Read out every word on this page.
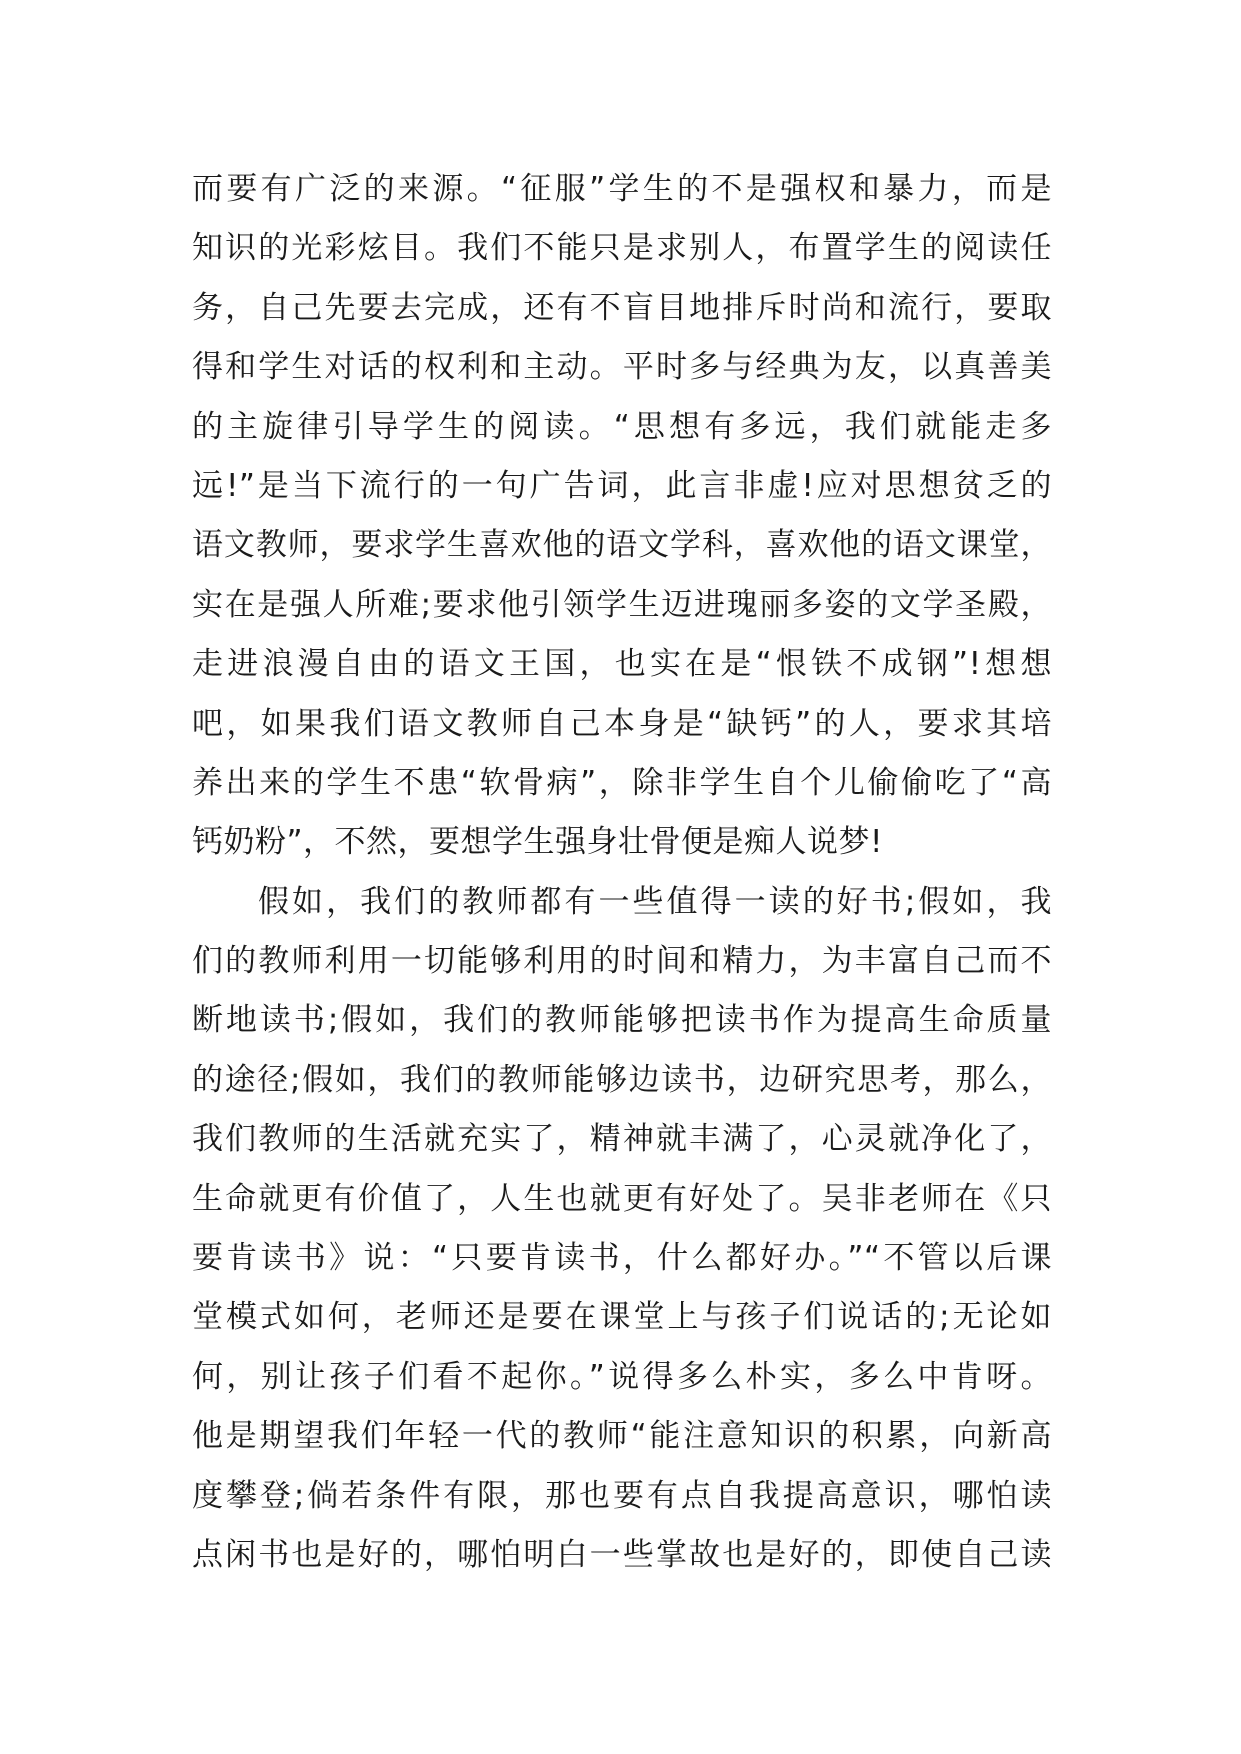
而要有广泛的来源。“征服”学生的不是强权和暴力，而是
知识的光彩炫目。我们不能只是求别人，布置学生的阅读任
务，自己先要去完成，还有不盲目地排斥时尚和流行，要取
得和学生对话的权利和主动。平时多与经典为友，以真善美
的主旋律引导学生的阅读。“思想有多远，我们就能走多
远!”是当下流行的一句广告词，此言非虚!应对思想贫乏的
语文教师，要求学生喜欢他的语文学科，喜欢他的语文课堂，
实在是强人所难;要求他引领学生迈进瑰丽多姿的文学圣殿，
走进浪漫自由的语文王国，也实在是“恨铁不成钢”!想想
吧，如果我们语文教师自己本身是“缺钙”的人，要求其培
养出来的学生不患“软骨病”，除非学生自个儿偷偷吃了“高
钙奶粉”，不然，要想学生强身壮骨便是痴人说梦!
假如，我们的教师都有一些值得一读的好书;假如，我
们的教师利用一切能够利用的时间和精力，为丰富自己而不
断地读书;假如，我们的教师能够把读书作为提高生命质量
的途径;假如，我们的教师能够边读书，边研究思考，那么，
我们教师的生活就充实了，精神就丰满了，心灵就净化了，
生命就更有价值了，人生也就更有好处了。吴非老师在《只
要肯读书》说：“只要肯读书，什么都好办。”“不管以后课
堂模式如何，老师还是要在课堂上与孩子们说话的;无论如
何，别让孩子们看不起你。”说得多么朴实，多么中肯呀。
他是期望我们年轻一代的教师“能注意知识的积累，向新高
度攀登;倘若条件有限，那也要有点自我提高意识，哪怕读
点闲书也是好的，哪怕明白一些掌故也是好的，即使自己读
